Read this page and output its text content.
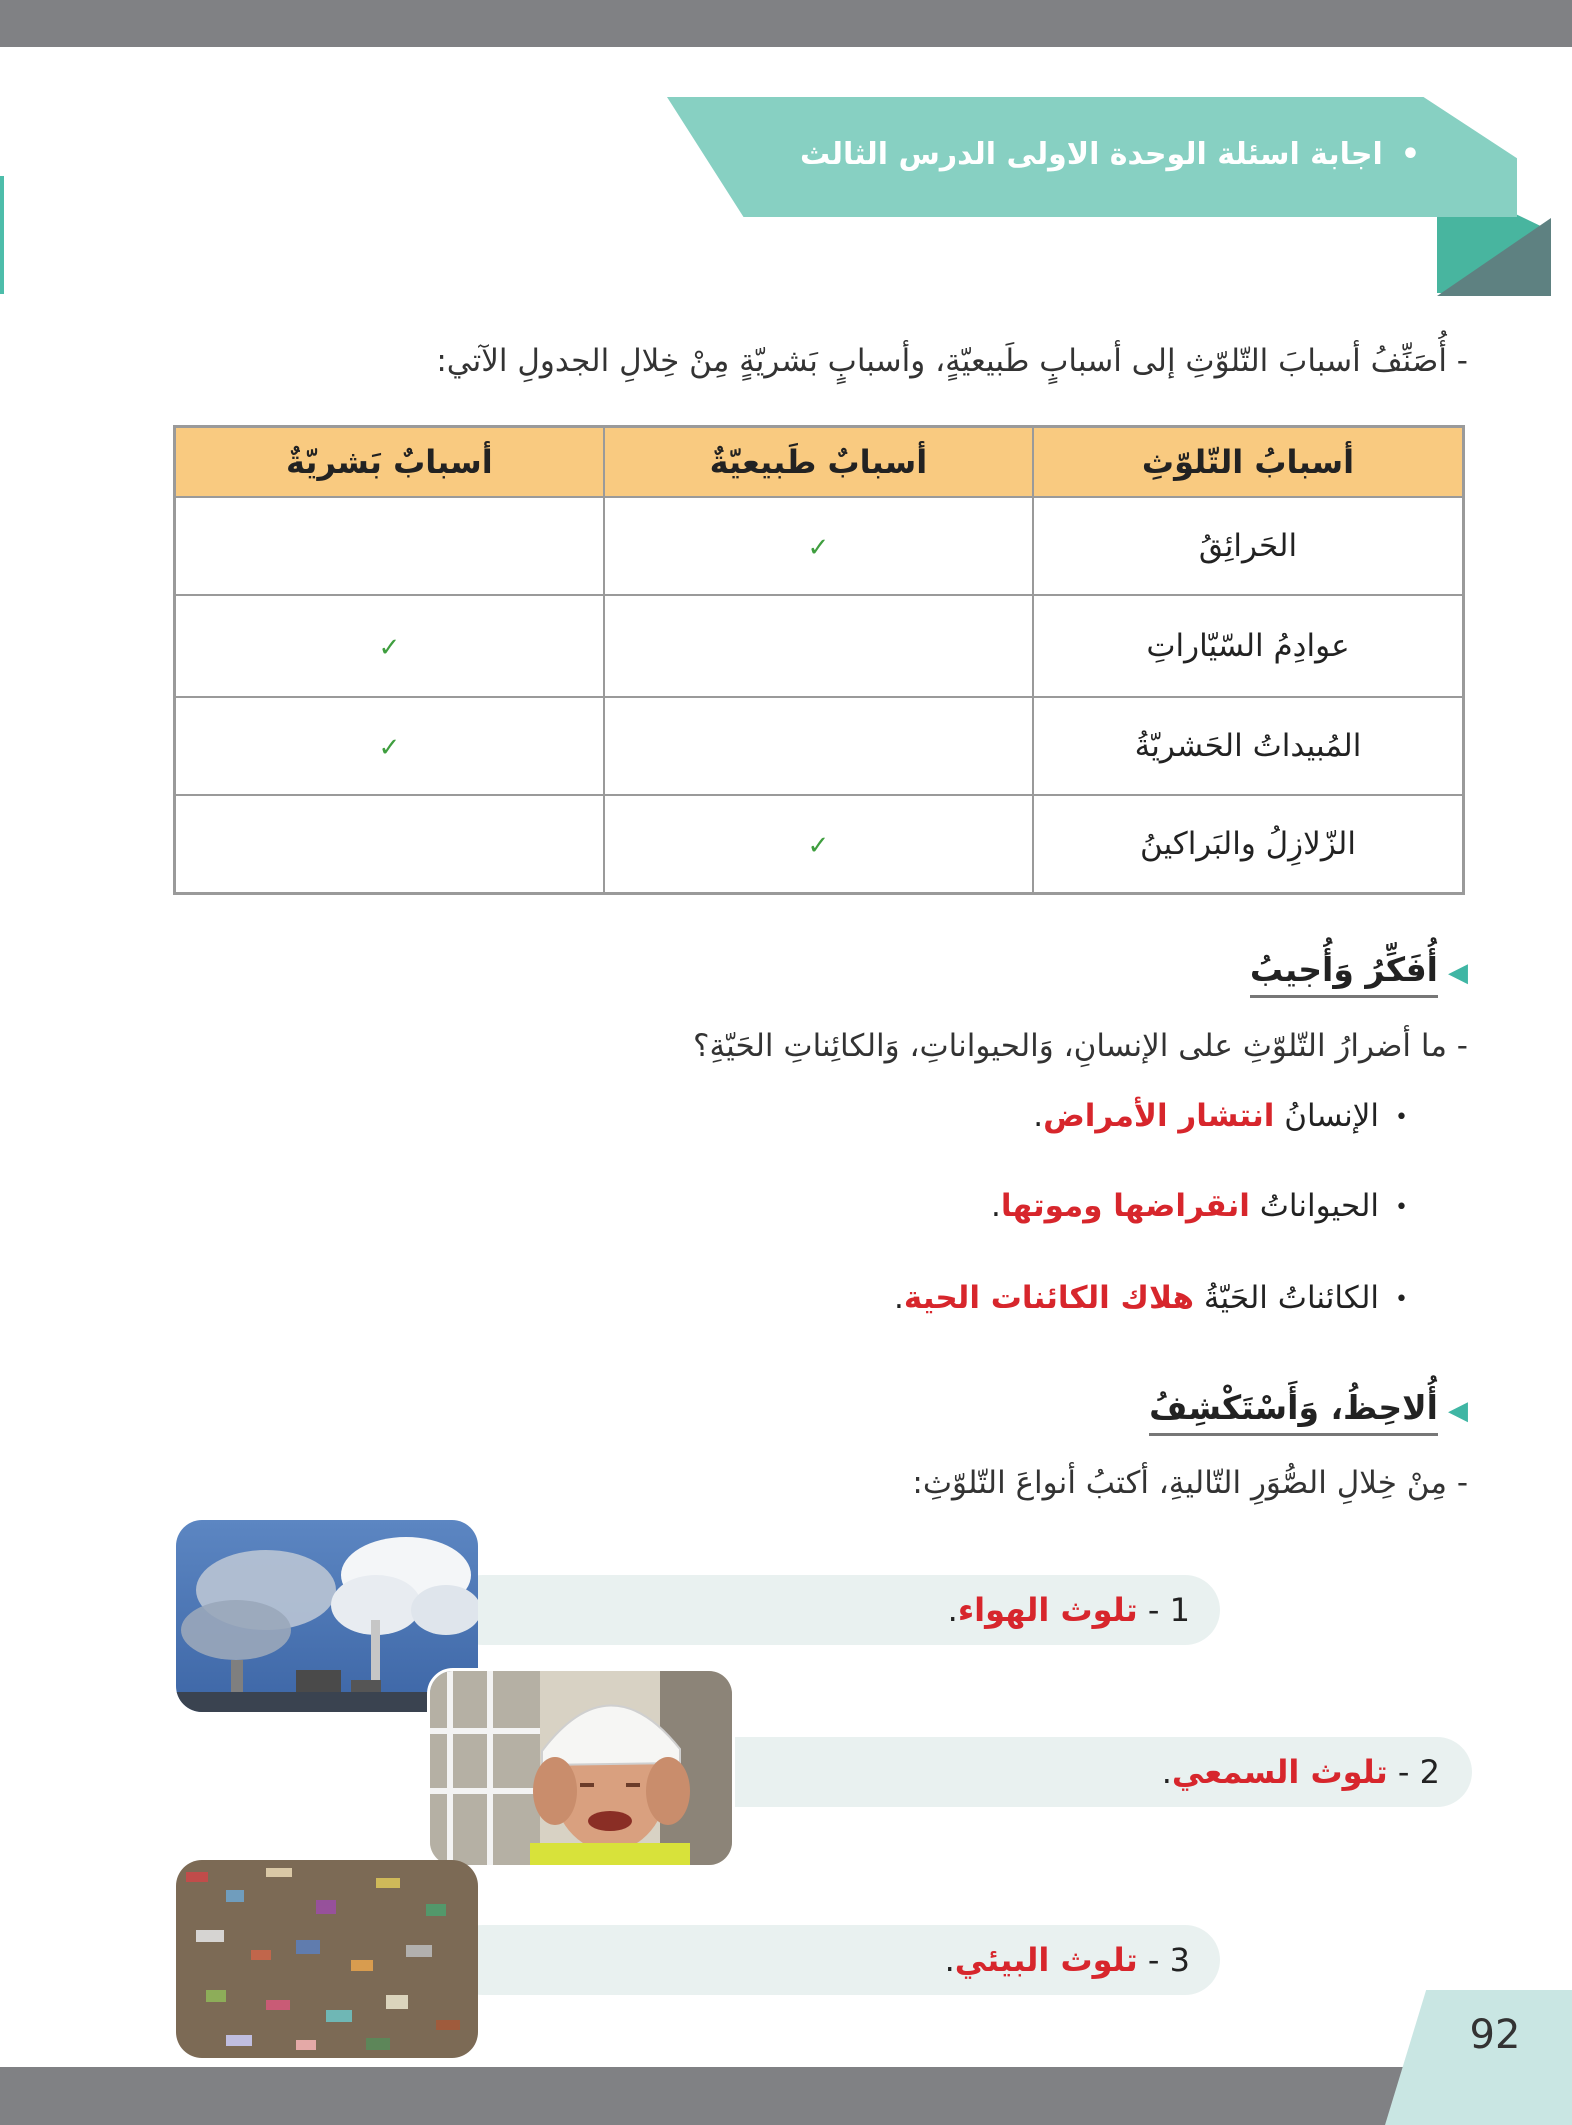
•اجابة اسئلة الوحدة الاولى الدرس الثالث (اولا)
- أُصَنِّفُ أسبابَ التّلوّثِ إلى أسبابٍ طَبيعيّةٍ، وأسبابٍ بَشريّةٍ مِنْ خِلالِ الجدولِ الآتي:
أسبابُ التّلوّثِ	أسبابٌ طَبيعيّةٌ	أسبابٌ بَشريّةٌ
الحَرائِقُ	✓	
عوادِمُ السّيّاراتِ		✓
المُبيداتُ الحَشريّةُ		✓
الزّلازِلُ والبَراكينُ	✓	
◀أُفَكِّرُ وَأُجيبُ
- ما أضرارُ التّلوّثِ على الإنسانِ، وَالحيواناتِ، وَالكائِناتِ الحَيّةِ؟
•الإنسانُ انتشار الأمراض.
•الحيواناتُ انقراضها وموتها.
•الكائناتُ الحَيّةُ هلاك الكائنات الحية.
◀أُلاحِظُ، وَأَسْتَكْشِفُ
- مِنْ خِلالِ الصُّوَرِ التّاليةِ، أكتبُ أنواعَ التّلوّثِ:
1 - تلوث الهواء.
2 - تلوث السمعي.
3 - تلوث البيئي.
92
